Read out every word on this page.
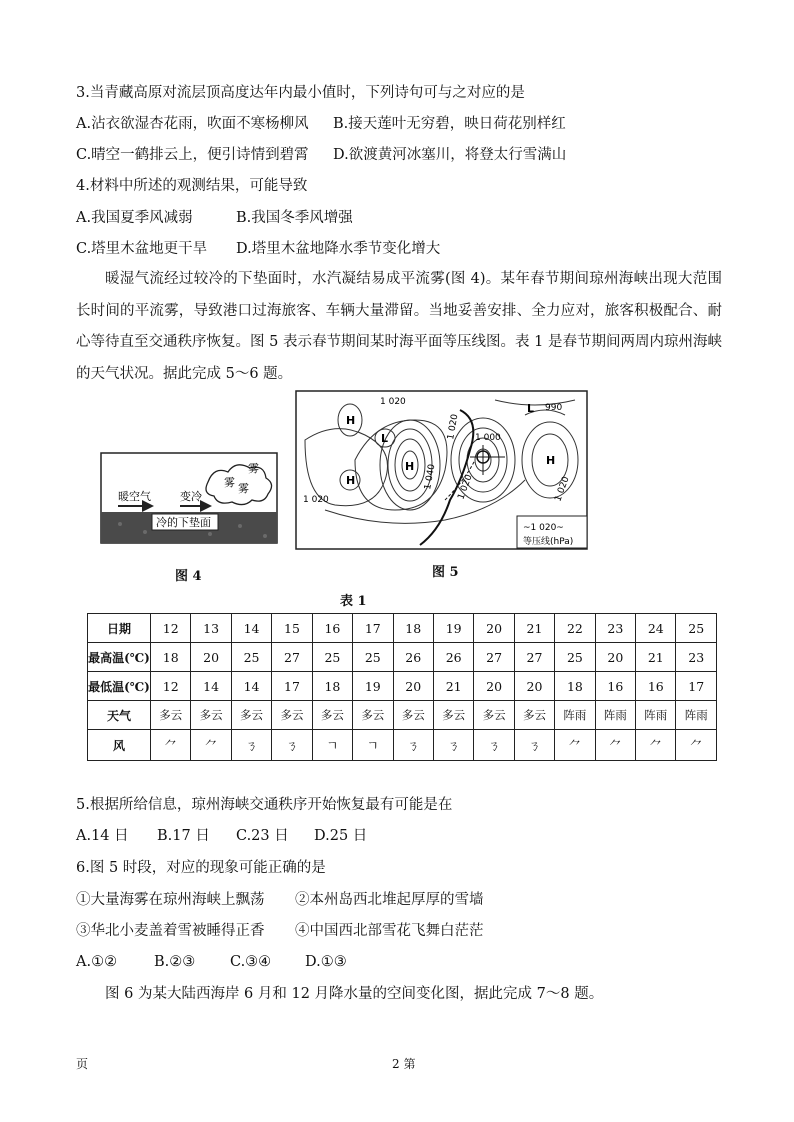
3.当青藏高原对流层顶高度达年内最小值时，下列诗句可与之对应的是
A.沾衣欲湿杏花雨，吹面不寒杨柳风 B.接天莲叶无穷碧，映日荷花别样红
C.晴空一鹤排云上，便引诗情到碧霄 D.欲渡黄河冰塞川，将登太行雪满山
4.材料中所述的观测结果，可能导致
A.我国夏季风减弱	B.我国冬季风增强
C.塔里木盆地更干旱 D.塔里木盆地降水季节变化增大
暖湿气流经过较冷的下垫面时，水汽凝结易成平流雾(图 4)。某年春节期间琼州海峡出现大范围长时间的平流雾，导致港口过海旅客、车辆大量滞留。当地妥善安排、全力应对，旅客积极配合、耐心等待直至交通秩序恢复。图 5 表示春节期间某时海平面等压线图。表 1 是春节期间两周内琼州海峡的天气状况。据此完成 5～6 题。
暖空气	变冷
雾
雾 雾
冷的下垫面
图 4
1 020
1 020
1 020	1 020
1 000
1 020
990
1 040
H
H	H
H
L
L
~1 020~
等压线(hPa)
图 5
表 1
日期	12	13	14	15	16	17	18	19	20	21	22	23	24	25
最高温(℃)	18	20	25	27	25	25	26	26	27	27	25	20	21	23
最低温(℃)	12	14	14	17	18	19	20	21	20	20	18	16	16	17
天气	多云	多云	多云	多云	多云	多云	多云	多云	多云	多云	阵雨	阵雨	阵雨	阵雨
风	⺈	⺈	ㄋ	ㄋ	ㄱ	ㄱ	ㄋ	ㄋ	ㄋ	ㄋ	⺈	⺈	⺈	⺈
5.根据所给信息，琼州海峡交通秩序开始恢复最有可能是在
A.14 日 B.17 日 C.23 日 D.25 日
6.图 5 时段，对应的现象可能正确的是
①大量海雾在琼州海峡上飘荡 ②本州岛西北堆起厚厚的雪墙
③华北小麦盖着雪被睡得正香 ④中国西北部雪花飞舞白茫茫
A.①②	B.②③ C.③④ D.①③
图 6 为某大陆西海岸 6 月和 12 月降水量的空间变化图，据此完成 7～8 题。
页	2 第
